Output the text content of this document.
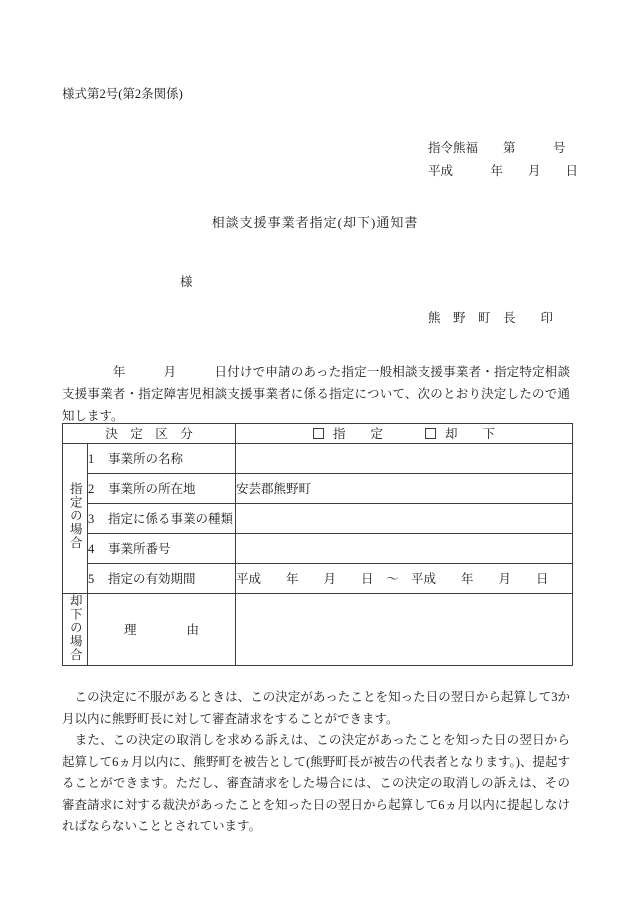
様式第2号(第2条関係)
指令熊福　　第　　　号
平成　　　年　　月　　日
相談支援事業者指定(却下)通知書
様
熊　野　町　長　　印
　　　　年　　　月　　　日付けで申請のあった指定一般相談支援事業者・指定特定相談支援事業者・指定障害児相談支援事業者に係る指定について、次のとおり決定したので通知します。
決　定　区　分		指　　定 却　　下

指定の場合	1 事業所の名称	
	2 事業所の所在地	安芸郡熊野町
	3 指定に係る事業の種類	
	4 事業所番号	
	5 指定の有効期間	平成　　年　　月　　日　～　平成　　年　　月　　日
却下の場合	理　　　　由	

　この決定に不服があるときは、この決定があったことを知った日の翌日から起算して3か月以内に熊野町長に対して審査請求をすることができます。

　また、この決定の取消しを求める訴えは、この決定があったことを知った日の翌日から起算して6ヵ月以内に、熊野町を被告として(熊野町長が被告の代表者となります。)、提起することができます。ただし、審査請求をした場合には、この決定の取消しの訴えは、その審査請求に対する裁決があったことを知った日の翌日から起算して6ヵ月以内に提起しなければならないこととされています。
